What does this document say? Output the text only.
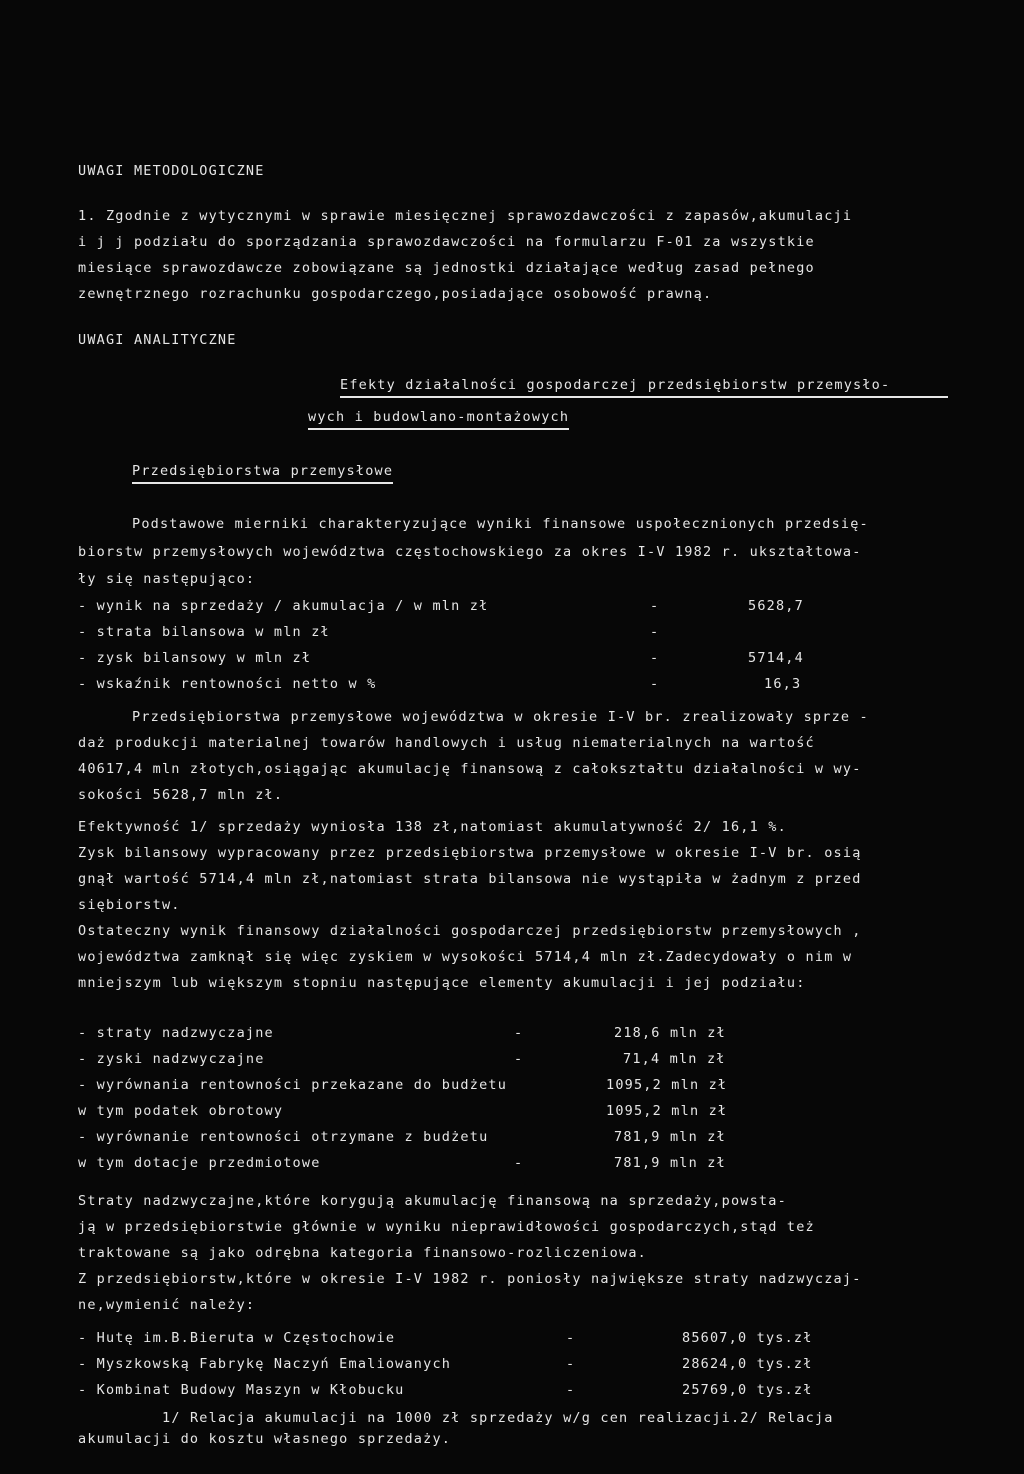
UWAGI METODOLOGICZNE
1. Zgodnie z wytycznymi w sprawie miesięcznej sprawozdawczości z zapasów,akumulacji
i j j podziału do sporządzania sprawozdawczości na formularzu F-01 za wszystkie
miesiące sprawozdawcze zobowiązane są jednostki działające według zasad pełnego
zewnętrznego rozrachunku gospodarczego,posiadające osobowość prawną.
UWAGI ANALITYCZNE
Efekty działalności gospodarczej przedsiębiorstw przemysło-
wych i budowlano-montażowych
Przedsiębiorstwa przemysłowe
Podstawowe mierniki charakteryzujące wyniki finansowe uspołecznionych przedsię-
biorstw przemysłowych województwa częstochowskiego za okres I-V 1982 r. ukształtowa-
ły się następująco:
- wynik na sprzedaży / akumulacja / w mln zł	-	5628,7
- strata bilansowa w mln zł	-
- zysk bilansowy w mln zł	-	5714,4
- wskaźnik rentowności netto w %	-	16,3
Przedsiębiorstwa przemysłowe województwa w okresie I-V br. zrealizowały sprze -
daż produkcji materialnej towarów handlowych i usług niematerialnych na wartość
40617,4 mln złotych,osiągając akumulację finansową z całokształtu działalności w wy-
sokości 5628,7 mln zł.
Efektywność 1/ sprzedaży wyniosła 138 zł,natomiast akumulatywność 2/ 16,1 %.
Zysk bilansowy wypracowany przez przedsiębiorstwa przemysłowe w okresie I-V br. osią
gnął wartość 5714,4 mln zł,natomiast strata bilansowa nie wystąpiła w żadnym z przed
siębiorstw.
Ostateczny wynik finansowy działalności gospodarczej przedsiębiorstw przemysłowych ,
województwa zamknął się więc zyskiem w wysokości 5714,4 mln zł.Zadecydowały o nim w
mniejszym lub większym stopniu następujące elementy akumulacji i jej podziału:
- straty nadzwyczajne	-	218,6 mln zł
- zyski nadzwyczajne	-	71,4 mln zł
- wyrównania rentowności przekazane do budżetu	1095,2 mln zł
w tym podatek obrotowy	1095,2 mln zł
- wyrównanie rentowności otrzymane z budżetu	781,9 mln zł
w tym dotacje przedmiotowe	-	781,9 mln zł
Straty nadzwyczajne,które korygują akumulację finansową na sprzedaży,powsta-
ją w przedsiębiorstwie głównie w wyniku nieprawidłowości gospodarczych,stąd też
traktowane są jako odrębna kategoria finansowo-rozliczeniowa.
Z przedsiębiorstw,które w okresie I-V 1982 r. poniosły największe straty nadzwyczaj-
ne,wymienić należy:
- Hutę im.B.Bieruta w Częstochowie	-	85607,0 tys.zł
- Myszkowską Fabrykę Naczyń Emaliowanych	-	28624,0 tys.zł
- Kombinat Budowy Maszyn w Kłobucku	-	25769,0 tys.zł
1/ Relacja akumulacji na 1000 zł sprzedaży w/g cen realizacji.2/ Relacja
akumulacji do kosztu własnego sprzedaży.
